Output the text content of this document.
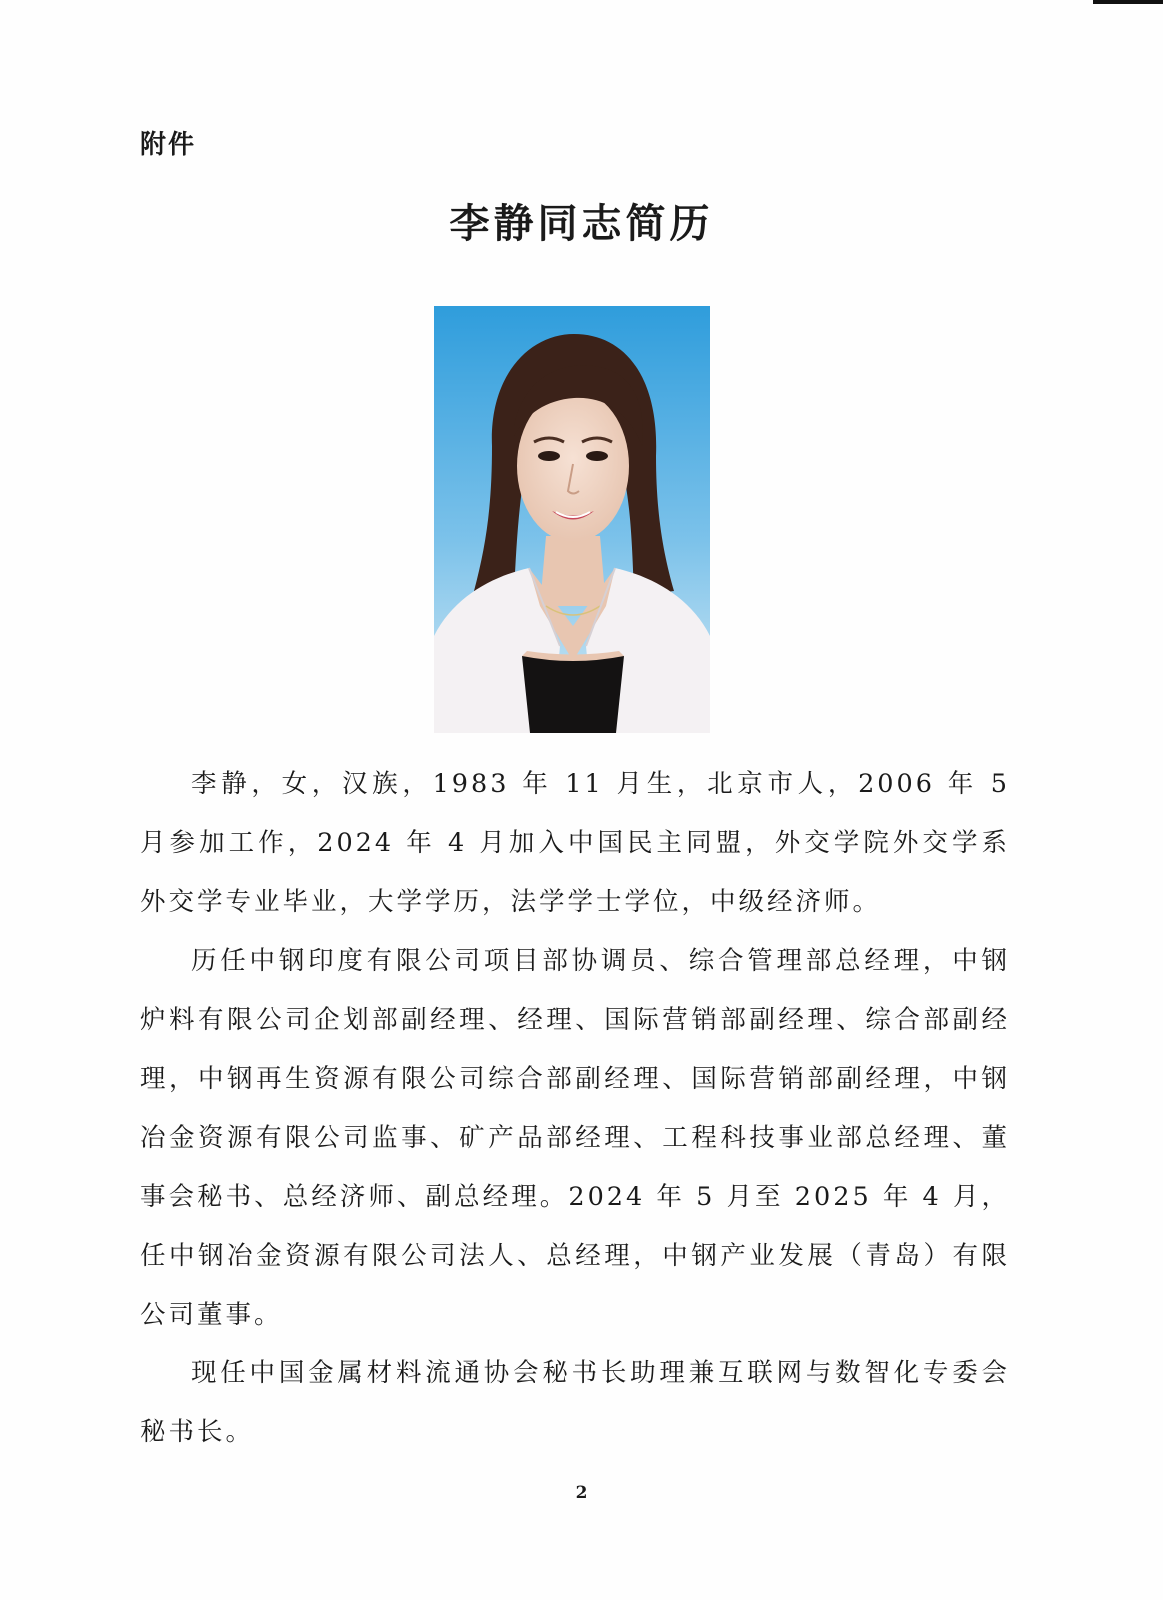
附件
李静同志简历

李静，女，汉族，1983 年 11 月生，北京市人，2006 年 5 月参加工作，2024 年 4 月加入中国民主同盟，外交学院外交学系外交学专业毕业，大学学历，法学学士学位，中级经济师。

历任中钢印度有限公司项目部协调员、综合管理部总经理，中钢炉料有限公司企划部副经理、经理、国际营销部副经理、综合部副经理，中钢再生资源有限公司综合部副经理、国际营销部副经理，中钢冶金资源有限公司监事、矿产品部经理、工程科技事业部总经理、董事会秘书、总经济师、副总经理。2024 年 5 月至 2025 年 4 月，任中钢冶金资源有限公司法人、总经理，中钢产业发展（青岛）有限公司董事。

现任中国金属材料流通协会秘书长助理兼互联网与数智化专委会秘书长。

2
